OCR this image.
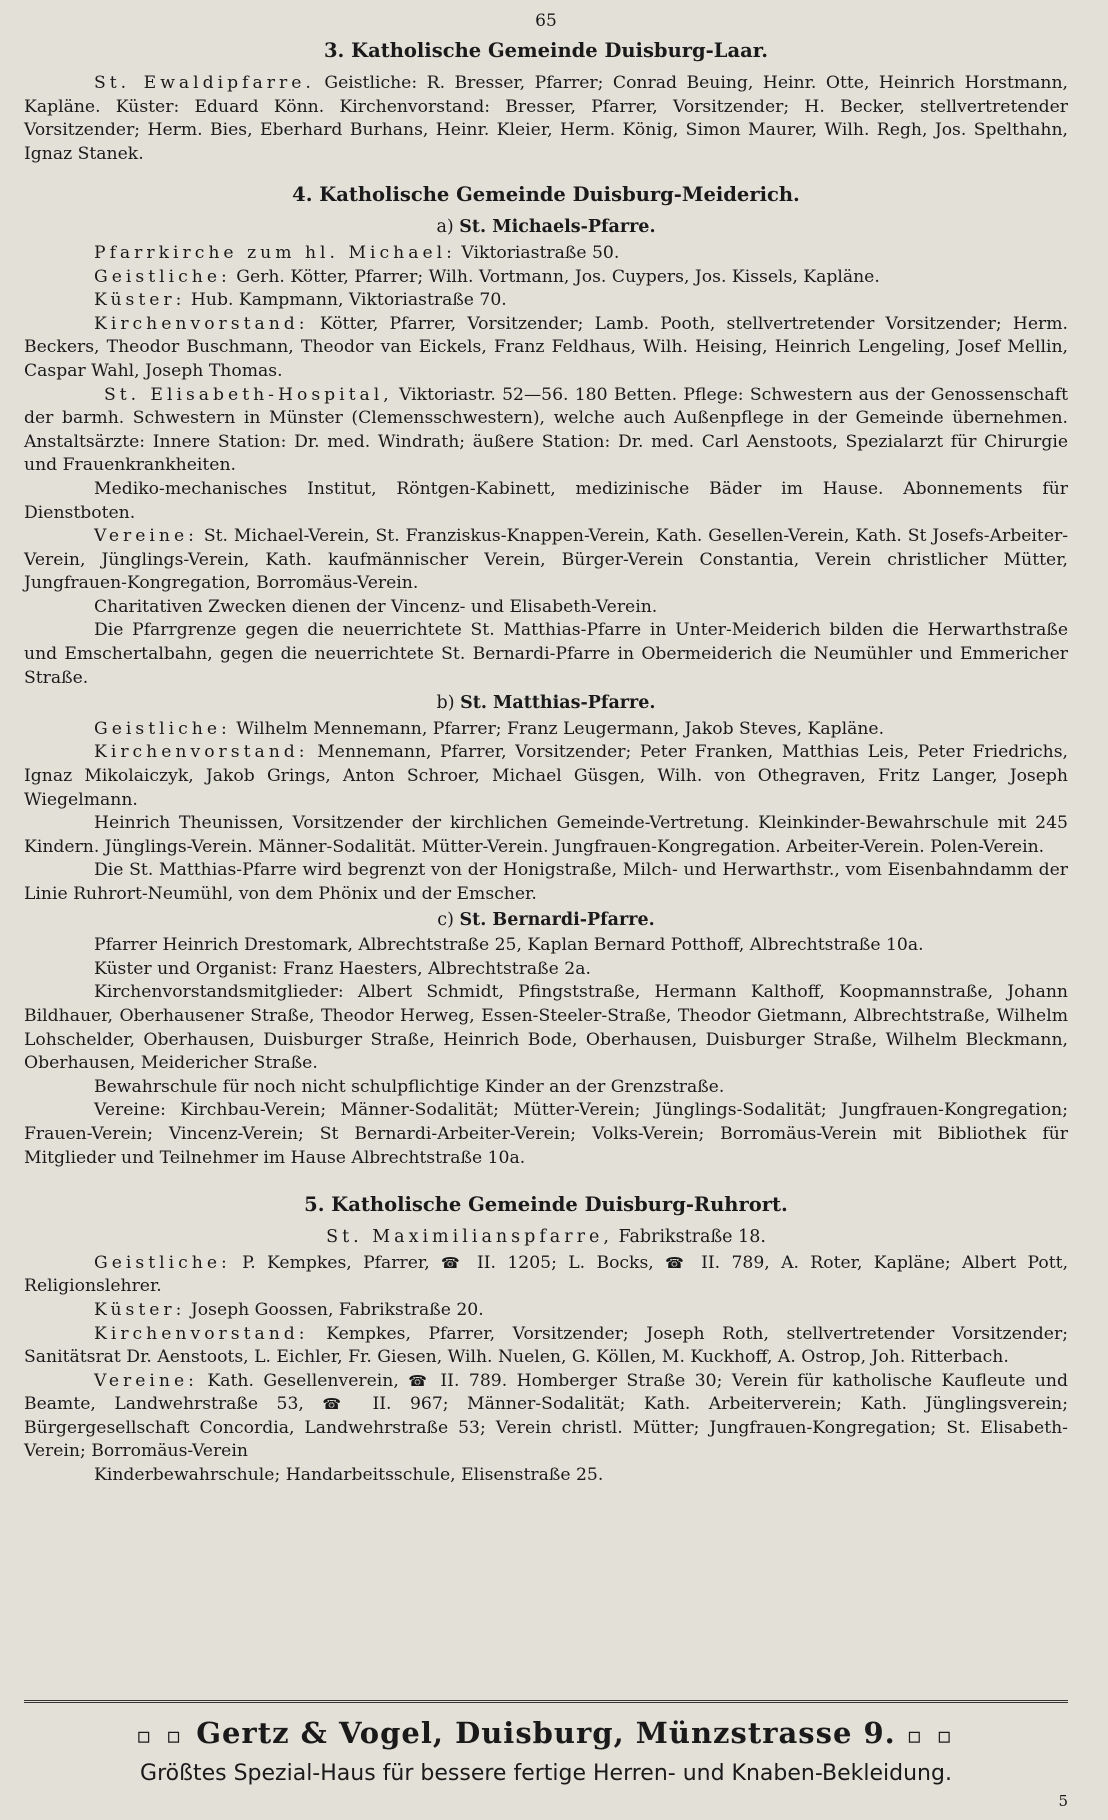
65
3. Katholische Gemeinde Duisburg-Laar.

St. Ewaldipfarre. Geistliche: R. Bresser, Pfarrer; Conrad Beuing, Heinr. Otte, Heinrich Horstmann, Kapläne. Küster: Eduard Könn. Kirchenvorstand: Bresser, Pfarrer, Vorsitzender; H. Becker, stellvertretender Vorsitzender; Herm. Bies, Eberhard Burhans, Heinr. Kleier, Herm. König, Simon Maurer, Wilh. Regh, Jos. Spelthahn, Ignaz Stanek.

4. Katholische Gemeinde Duisburg-Meiderich.
a) St. Michaels-Pfarre.

Pfarrkirche zum hl. Michael: Viktoriastraße 50.

Geistliche: Gerh. Kötter, Pfarrer; Wilh. Vortmann, Jos. Cuypers, Jos. Kissels, Kapläne.

Küster: Hub. Kampmann, Viktoriastraße 70.

Kirchenvorstand: Kötter, Pfarrer, Vorsitzender; Lamb. Pooth, stellvertretender Vorsitzender; Herm. Beckers, Theodor Buschmann, Theodor van Eickels, Franz Feldhaus, Wilh. Heising, Heinrich Lengeling, Josef Mellin, Caspar Wahl, Joseph Thomas.

St. Elisabeth-Hospital, Viktoriastr. 52—56. 180 Betten. Pflege: Schwestern aus der Genossenschaft der barmh. Schwestern in Münster (Clemensschwestern), welche auch Außenpflege in der Gemeinde übernehmen. Anstaltsärzte: Innere Station: Dr. med. Windrath; äußere Station: Dr. med. Carl Aenstoots, Spezialarzt für Chirurgie und Frauenkrankheiten.

Mediko-mechanisches Institut, Röntgen-Kabinett, medizinische Bäder im Hause. Abonnements für Dienstboten.

Vereine: St. Michael-Verein, St. Franziskus-Knappen-Verein, Kath. Gesellen-Verein, Kath. St Josefs-Arbeiter-Verein, Jünglings-Verein, Kath. kaufmännischer Verein, Bürger-Verein Constantia, Verein christlicher Mütter, Jungfrauen-Kongregation, Borromäus-Verein.

Charitativen Zwecken dienen der Vincenz- und Elisabeth-Verein.

Die Pfarrgrenze gegen die neuerrichtete St. Matthias-Pfarre in Unter-Meiderich bilden die Herwarthstraße und Emschertalbahn, gegen die neuerrichtete St. Bernardi-Pfarre in Obermeiderich die Neumühler und Emmericher Straße.

b) St. Matthias-Pfarre.

Geistliche: Wilhelm Mennemann, Pfarrer; Franz Leugermann, Jakob Steves, Kapläne.

Kirchenvorstand: Mennemann, Pfarrer, Vorsitzender; Peter Franken, Matthias Leis, Peter Friedrichs, Ignaz Mikolaiczyk, Jakob Grings, Anton Schroer, Michael Güsgen, Wilh. von Othegraven, Fritz Langer, Joseph Wiegelmann.

Heinrich Theunissen, Vorsitzender der kirchlichen Gemeinde-Vertretung. Kleinkinder-Bewahrschule mit 245 Kindern. Jünglings-Verein. Männer-Sodalität. Mütter-Verein. Jungfrauen-Kongregation. Arbeiter-Verein. Polen-Verein.

Die St. Matthias-Pfarre wird begrenzt von der Honigstraße, Milch- und Herwarthstr., vom Eisenbahndamm der Linie Ruhrort-Neumühl, von dem Phönix und der Emscher.

c) St. Bernardi-Pfarre.

Pfarrer Heinrich Drestomark, Albrechtstraße 25, Kaplan Bernard Potthoff, Albrechtstraße 10a.

Küster und Organist: Franz Haesters, Albrechtstraße 2a.

Kirchenvorstandsmitglieder: Albert Schmidt, Pfingststraße, Hermann Kalthoff, Koopmannstraße, Johann Bildhauer, Oberhausener Straße, Theodor Herweg, Essen-Steeler-Straße, Theodor Gietmann, Albrechtstraße, Wilhelm Lohschelder, Oberhausen, Duisburger Straße, Heinrich Bode, Oberhausen, Duisburger Straße, Wilhelm Bleckmann, Oberhausen, Meidericher Straße.

Bewahrschule für noch nicht schulpflichtige Kinder an der Grenzstraße.

Vereine: Kirchbau-Verein; Männer-Sodalität; Mütter-Verein; Jünglings-Sodalität; Jungfrauen-Kongregation; Frauen-Verein; Vincenz-Verein; St Bernardi-Arbeiter-Verein; Volks-Verein; Borromäus-Verein mit Bibliothek für Mitglieder und Teilnehmer im Hause Albrechtstraße 10a.

5. Katholische Gemeinde Duisburg-Ruhrort.
St. Maximilianspfarre, Fabrikstraße 18.

Geistliche: P. Kempkes, Pfarrer, ☎ II. 1205; L. Bocks, ☎ II. 789, A. Roter, Kapläne; Albert Pott, Religionslehrer.

Küster: Joseph Goossen, Fabrikstraße 20.

Kirchenvorstand: Kempkes, Pfarrer, Vorsitzender; Joseph Roth, stellvertretender Vorsitzender; Sanitätsrat Dr. Aenstoots, L. Eichler, Fr. Giesen, Wilh. Nuelen, G. Köllen, M. Kuckhoff, A. Ostrop, Joh. Ritterbach.

Vereine: Kath. Gesellenverein, ☎ II. 789. Homberger Straße 30; Verein für katholische Kaufleute und Beamte, Landwehrstraße 53, ☎ II. 967; Männer-Sodalität; Kath. Arbeiterverein; Kath. Jünglingsverein; Bürgergesellschaft Concordia, Landwehrstraße 53; Verein christl. Mütter; Jungfrauen-Kongregation; St. Elisabeth-Verein; Borromäus-Verein

Kinderbewahrschule; Handarbeitsschule, Elisenstraße 25.

▫ ▫ Gertz & Vogel, Duisburg, Münzstrasse 9. ▫ ▫
Größtes Spezial-Haus für bessere fertige Herren- und Knaben-Bekleidung.
5
